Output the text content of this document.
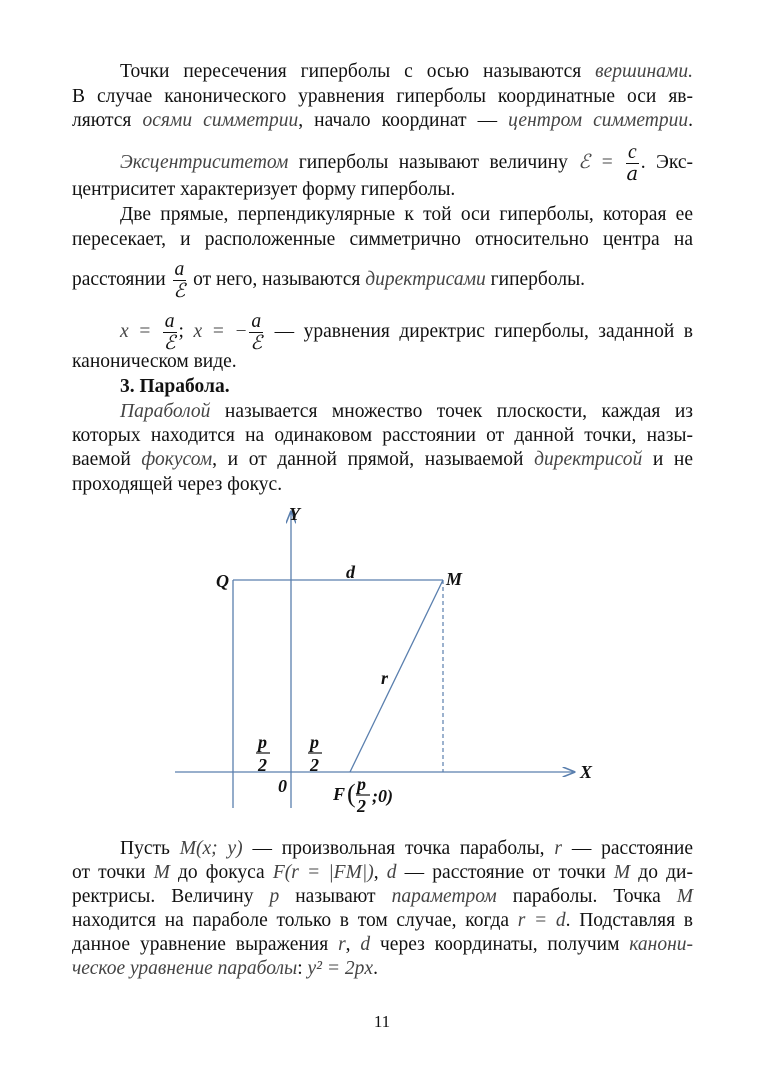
Точки пересечения гиперболы с осью называются вершинами.
В случае канонического уравнения гиперболы координатные оси яв-
ляются осями симметрии, начало координат — центром симметрии.
Эксцентриситетом гиперболы называют величину ℰ = $\frac{c}{a}$ . Экс-
центриситет характеризует форму гиперболы.
Две прямые, перпендикулярные к той оси гиперболы, которая ее
пересекает, и расположенные симметрично относительно центра на
расстоянии $\frac{a}{\text{ℰ}}$ от него, называются директрисами гиперболы.
$x = \frac{a}{\text{ℰ}}$ ; x = − $\frac{a}{\text{ℰ}}$ — уравнения директрис гиперболы, заданной в
каноническом виде.
3. Парабола.
Параболой называется множество точек плоскости, каждая из
которых находится на одинаковом расстоянии от данной точки, назы-
ваемой фокусом, и от данной прямой, называемой директрисой и не
проходящей через фокус.
Пусть M(x; y) — произвольная точка параболы, r — расстояние
от точки M до фокуса F(r = |FM|), d — расстояние от точки M до ди-
ректрисы. Величину p называют параметром параболы. Точка M
находится на параболе только в том случае, когда r = d. Подставляя в
данное уравнение выражения r, d через координаты, получим канони-
ческое уравнение параболы: y² = 2px.
Y
Q	d	M
r
p
2
p
2
0	F ( p
2 ;0)
X
11
